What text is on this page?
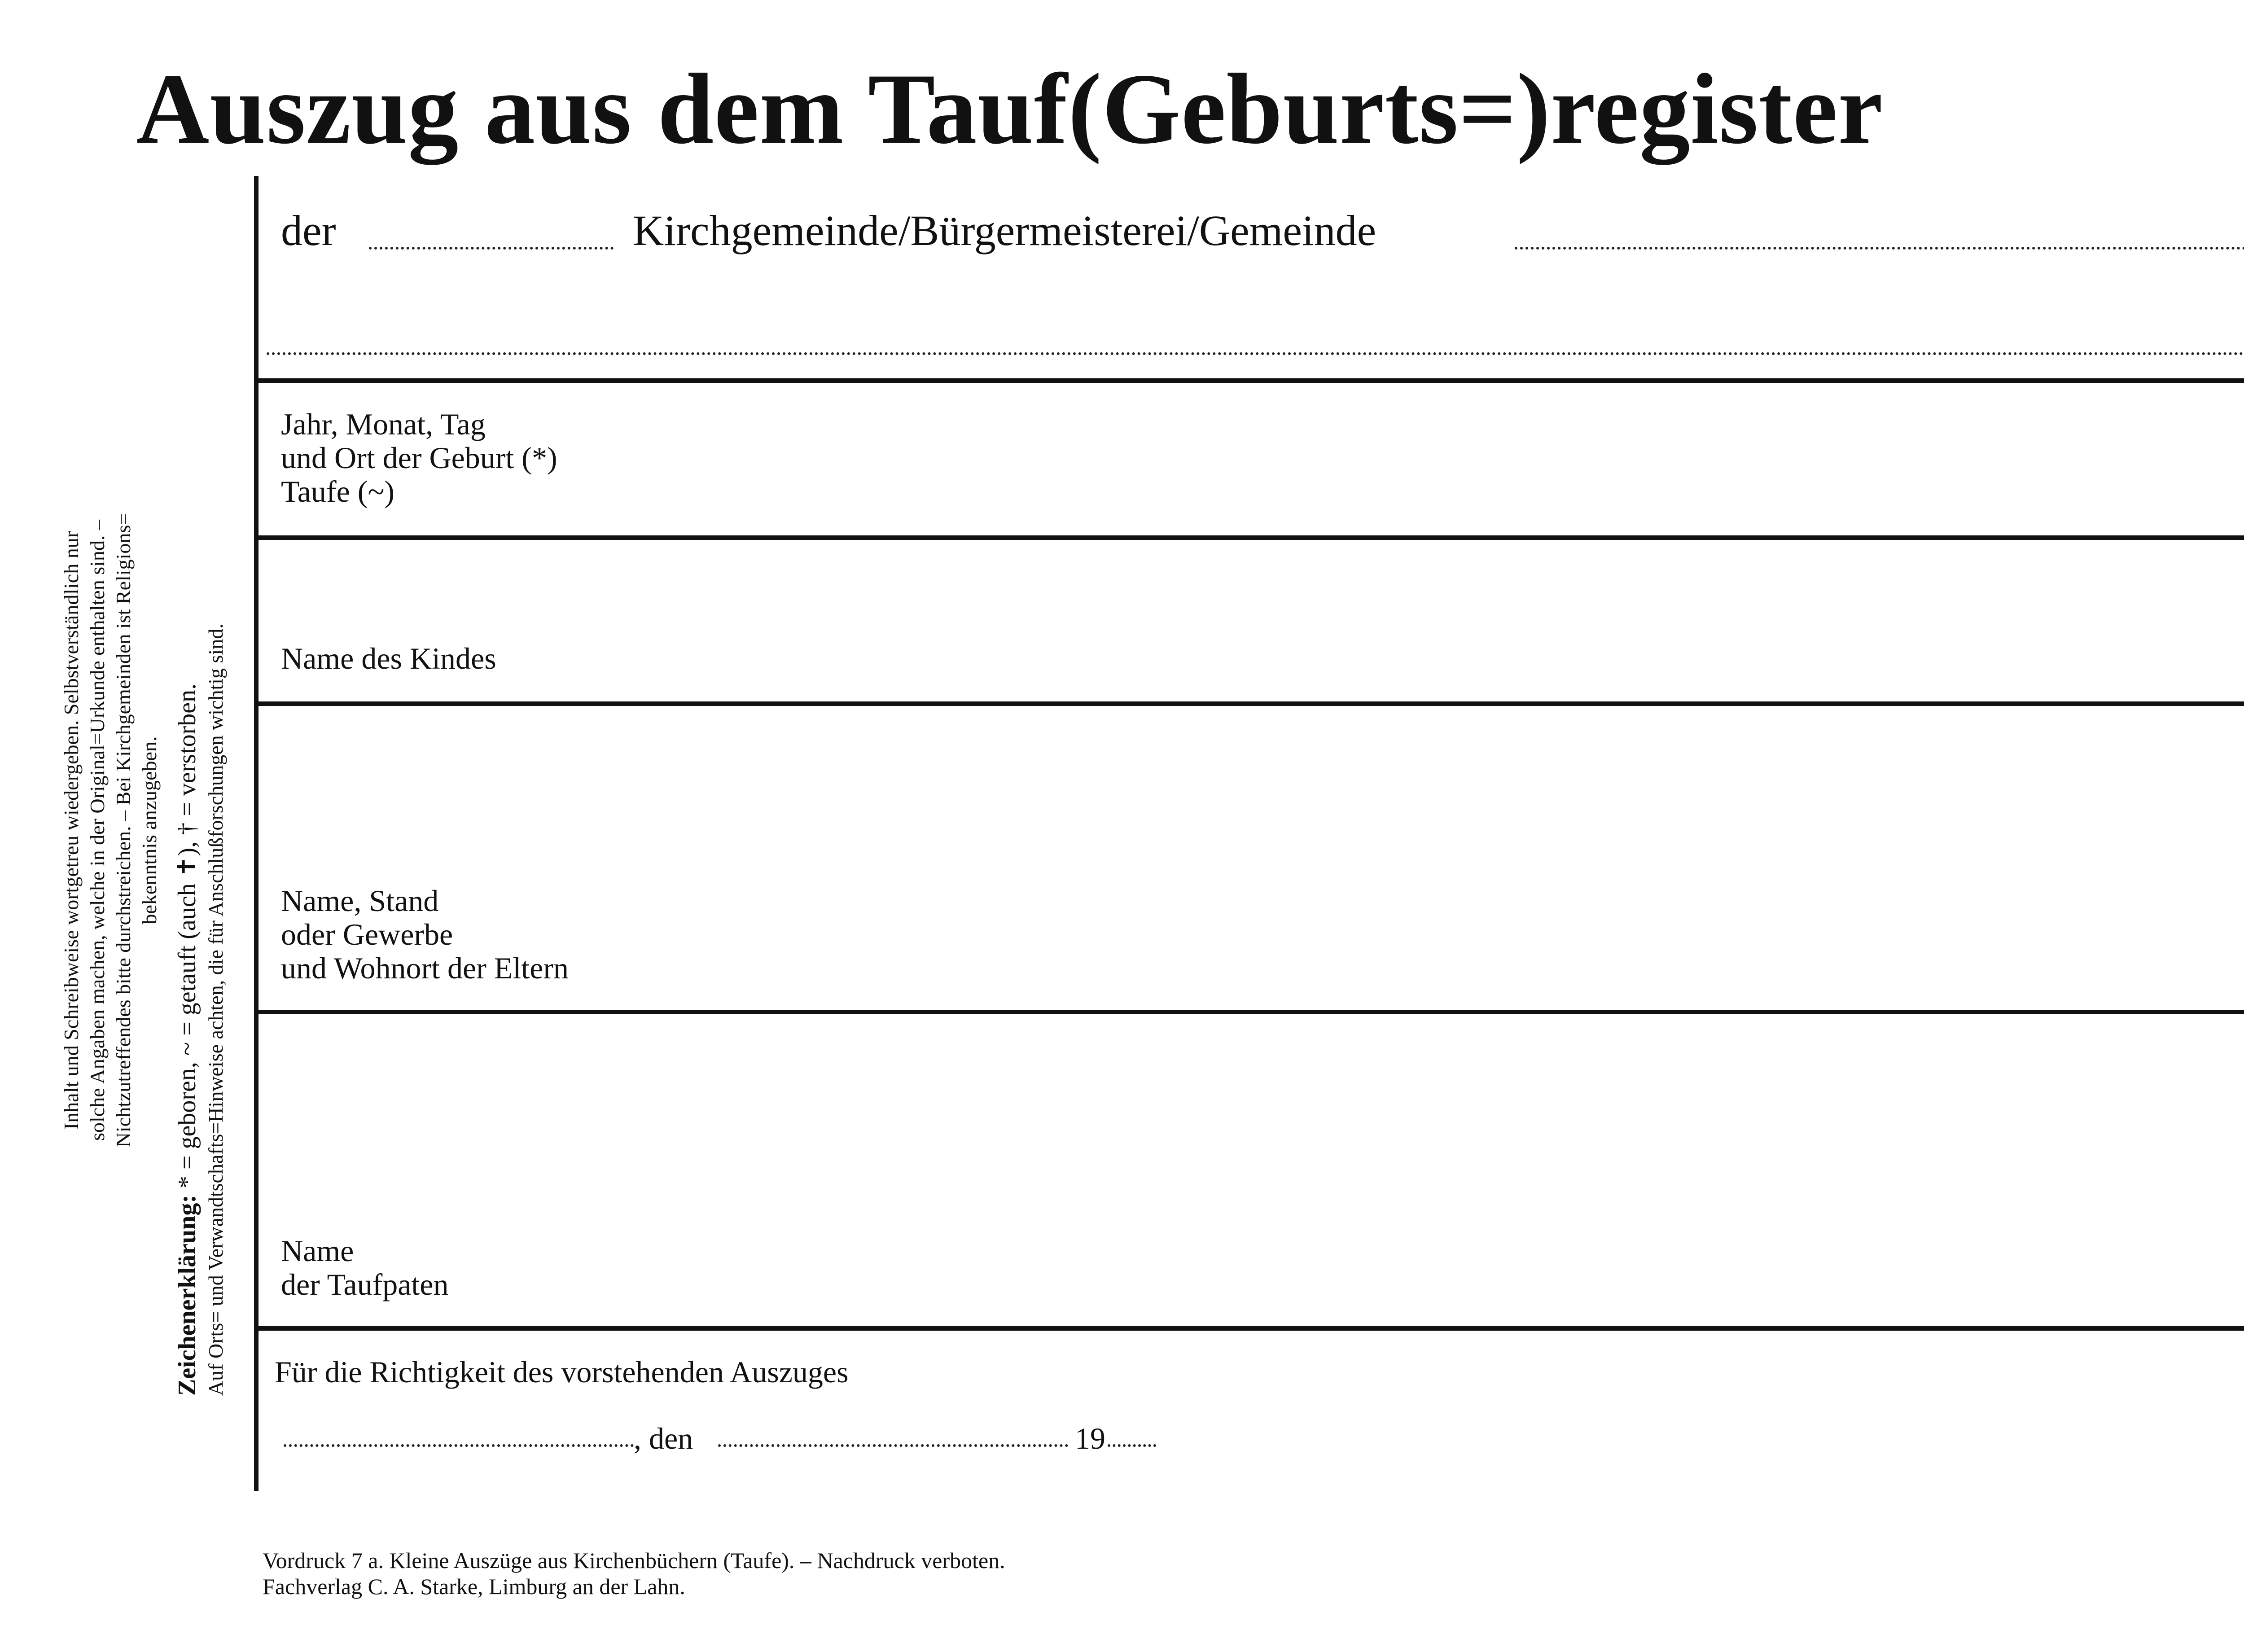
Auszug aus dem Tauf(Geburts=)register
der	Kirchgemeinde/Bürgermeisterei/Gemeinde
Jahr, Monat, Tag
und Ort der Geburt (*)
Taufe (~)
Name des Kindes
Name, Stand
oder Gewerbe
und Wohnort der Eltern
Name
der Taufpaten
Für die Richtigkeit des vorstehenden Auszuges
, den	19
Inhalt und Schreibweise wortgetreu wiedergeben. Selbstverständlich nur solche Angaben machen, welche in der Original=Urkunde enthalten sind. – Nichtzutreffendes bitte durchstreichen. – Bei Kirchgemeinden ist Religions= bekenntnis anzugeben.
Zeichenerklärung: * = geboren, ~ = getauft (auch ✝), † = verstorben. Auf Orts= und Verwandtschafts=Hinweise achten, die für Anschlußforschungen wichtig sind.
Vordruck 7 a. Kleine Auszüge aus Kirchenbüchern (Taufe). – Nachdruck verboten.
Fachverlag C. A. Starke, Limburg an der Lahn.
